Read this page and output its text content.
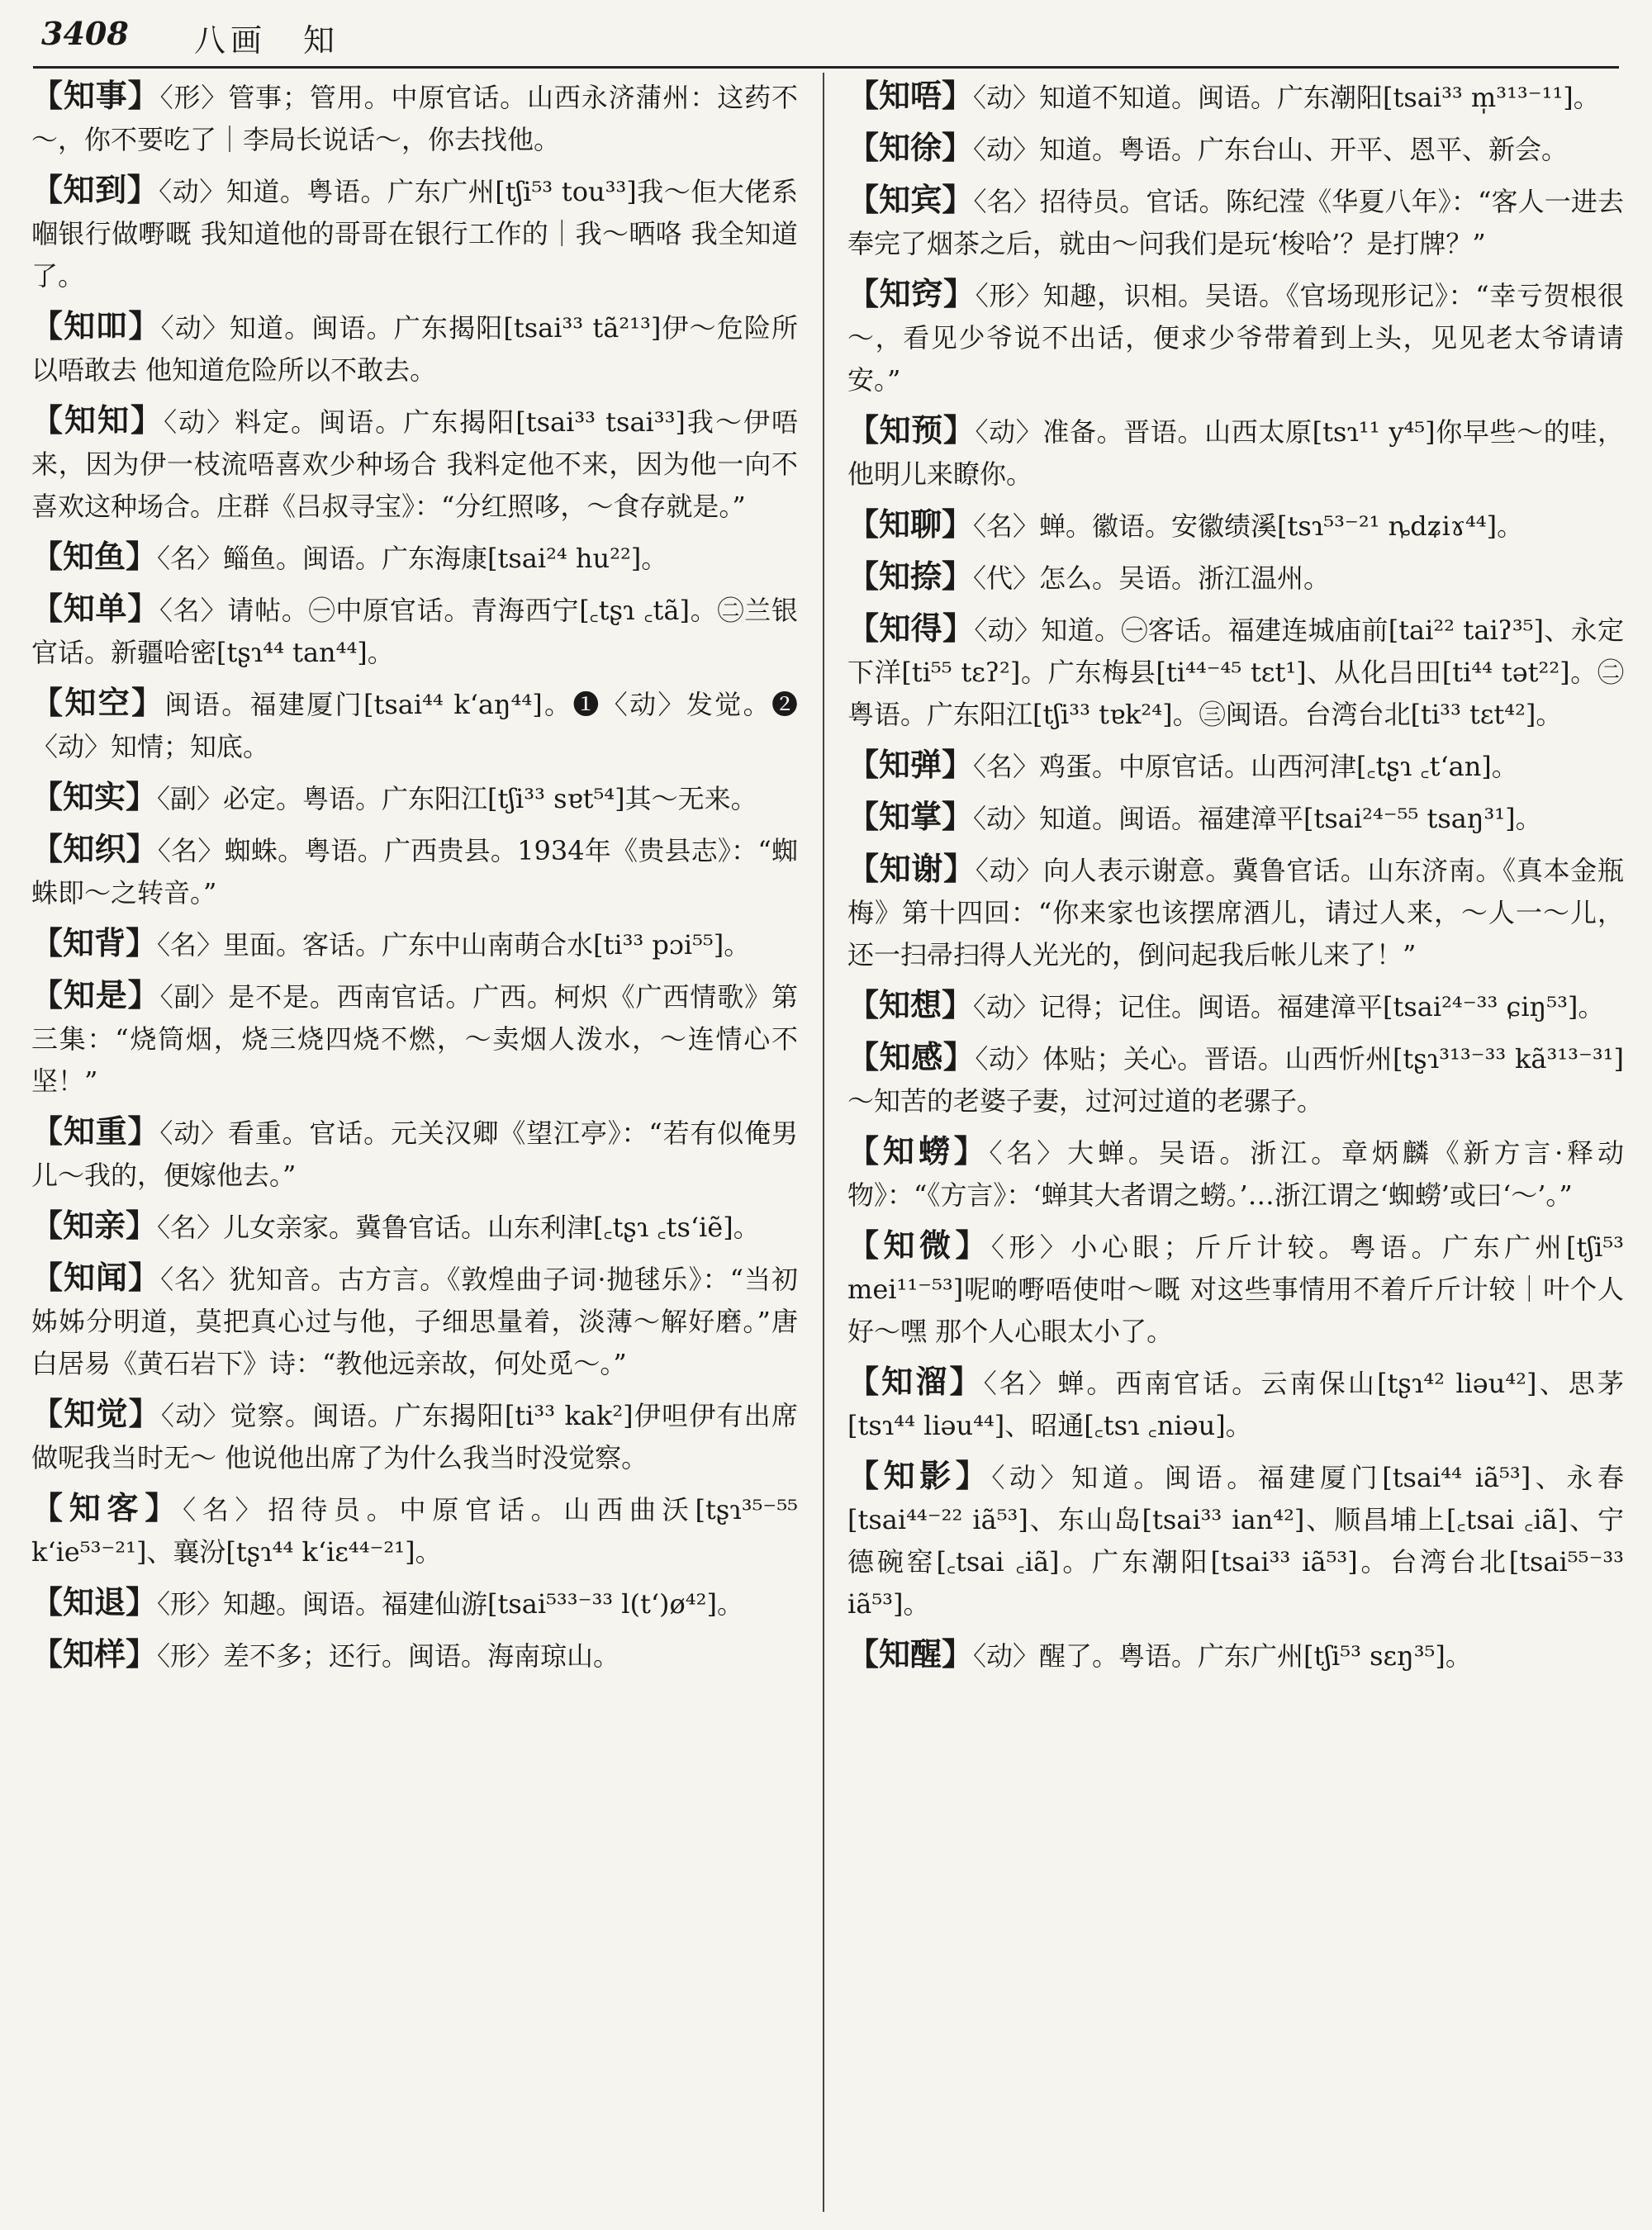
3408 八画　知
【知事】〈形〉管事；管用。中原官话。山西永济蒲州：这药不～，你不要吃了｜李局长说话～，你去找他。
【知到】〈动〉知道。粤语。广东广州[tʃi⁵³ tou³³]我～佢大佬系嗰银行做嘢嘅 我知道他的哥哥在银行工作的｜我～晒咯 我全知道了。
【知吅】〈动〉知道。闽语。广东揭阳[tsai³³ tã²¹³]伊～危险所以唔敢去 他知道危险所以不敢去。
【知知】〈动〉料定。闽语。广东揭阳[tsai³³ tsai³³]我～伊唔来，因为伊一枝流唔喜欢少种场合 我料定他不来，因为他一向不喜欢这种场合。庄群《吕叔寻宝》：“分红照哆，～食存就是。”
【知鱼】〈名〉鲻鱼。闽语。广东海康[tsai²⁴ hu²²]。
【知单】〈名〉请帖。㊀中原官话。青海西宁[꜀tʂɿ ꜀tã]。㊁兰银官话。新疆哈密[tʂɿ⁴⁴ tan⁴⁴]。
【知空】闽语。福建厦门[tsai⁴⁴ k‘aŋ⁴⁴]。❶〈动〉发觉。❷〈动〉知情；知底。
【知实】〈副〉必定。粤语。广东阳江[tʃi³³ sɐt⁵⁴]其～无来。
【知织】〈名〉蜘蛛。粤语。广西贵县。1934年《贵县志》：“蜘蛛即～之转音。”
【知背】〈名〉里面。客话。广东中山南萌合水[ti³³ pɔi⁵⁵]。
【知是】〈副〉是不是。西南官话。广西。柯炽《广西情歌》第三集：“烧筒烟，烧三烧四烧不燃，～卖烟人泼水，～连情心不坚！”
【知重】〈动〉看重。官话。元关汉卿《望江亭》：“若有似俺男儿～我的，便嫁他去。”
【知亲】〈名〉儿女亲家。冀鲁官话。山东利津[꜀tʂɿ ꜀ts‘iẽ]。
【知闻】〈名〉犹知音。古方言。《敦煌曲子词·抛毬乐》：“当初姊姊分明道，莫把真心过与他，子细思量着，淡薄～解好磨。”唐白居易《黄石岩下》诗：“教他远亲故，何处觅～。”
【知觉】〈动〉觉察。闽语。广东揭阳[ti³³ kak²]伊呾伊有出席做呢我当时无～ 他说他出席了为什么我当时没觉察。
【知客】〈名〉招待员。中原官话。山西曲沃[tʂɿ³⁵⁻⁵⁵ k‘ie⁵³⁻²¹]、襄汾[tʂɿ⁴⁴ k‘iɛ⁴⁴⁻²¹]。
【知退】〈形〉知趣。闽语。福建仙游[tsai⁵³³⁻³³ l(t‘)ø⁴²]。
【知样】〈形〉差不多；还行。闽语。海南琼山。
【知唔】〈动〉知道不知道。闽语。广东潮阳[tsai³³ m̩³¹³⁻¹¹]。
【知徐】〈动〉知道。粤语。广东台山、开平、恩平、新会。
【知宾】〈名〉招待员。官话。陈纪滢《华夏八年》：“客人一进去奉完了烟茶之后，就由～问我们是玩‘梭哈’？是打牌？”
【知窍】〈形〉知趣，识相。吴语。《官场现形记》：“幸亏贺根很～，看见少爷说不出话，便求少爷带着到上头，见见老太爷请请安。”
【知预】〈动〉准备。晋语。山西太原[tsɿ¹¹ y⁴⁵]你早些～的哇，他明儿来瞭你。
【知聊】〈名〉蝉。徽语。安徽绩溪[tsɿ⁵³⁻²¹ ȵdʑiɤ⁴⁴]。
【知捺】〈代〉怎么。吴语。浙江温州。
【知得】〈动〉知道。㊀客话。福建连城庙前[tai²² taiʔ³⁵]、永定下洋[ti⁵⁵ tɛʔ²]。广东梅县[ti⁴⁴⁻⁴⁵ tɛt¹]、从化吕田[ti⁴⁴ tət²²]。㊁粤语。广东阳江[tʃi³³ tɐk²⁴]。㊂闽语。台湾台北[ti³³ tɛt⁴²]。
【知弹】〈名〉鸡蛋。中原官话。山西河津[꜀tʂɿ ꜀t‘an]。
【知掌】〈动〉知道。闽语。福建漳平[tsai²⁴⁻⁵⁵ tsaŋ³¹]。
【知谢】〈动〉向人表示谢意。冀鲁官话。山东济南。《真本金瓶梅》第十四回：“你来家也该摆席酒儿，请过人来，～人一～儿，还一扫帚扫得人光光的，倒问起我后帐儿来了！”
【知想】〈动〉记得；记住。闽语。福建漳平[tsai²⁴⁻³³ ɕiŋ⁵³]。
【知感】〈动〉体贴；关心。晋语。山西忻州[tʂɿ³¹³⁻³³ kã³¹³⁻³¹]～知苦的老婆子妻，过河过道的老骡子。
【知蟧】〈名〉大蝉。吴语。浙江。章炳麟《新方言·释动物》：“《方言》：‘蝉其大者谓之蟧。’…浙江谓之‘蜘蟧’或曰‘～’。”
【知微】〈形〉小心眼；斤斤计较。粤语。广东广州[tʃi⁵³ mei¹¹⁻⁵³]呢啲嘢唔使咁～嘅 对这些事情用不着斤斤计较｜叶个人好～嘿 那个人心眼太小了。
【知溜】〈名〉蝉。西南官话。云南保山[tʂɿ⁴² liəu⁴²]、思茅[tsɿ⁴⁴ liəu⁴⁴]、昭通[꜀tsɿ ꜀niəu]。
【知影】〈动〉知道。闽语。福建厦门[tsai⁴⁴ iã⁵³]、永春[tsai⁴⁴⁻²² iã⁵³]、东山岛[tsai³³ ian⁴²]、顺昌埔上[꜀tsai ꜀iã]、宁德碗窑[꜀tsai ꜀iã]。广东潮阳[tsai³³ iã⁵³]。台湾台北[tsai⁵⁵⁻³³ iã⁵³]。
【知醒】〈动〉醒了。粤语。广东广州[tʃi⁵³ sɛŋ³⁵]。
